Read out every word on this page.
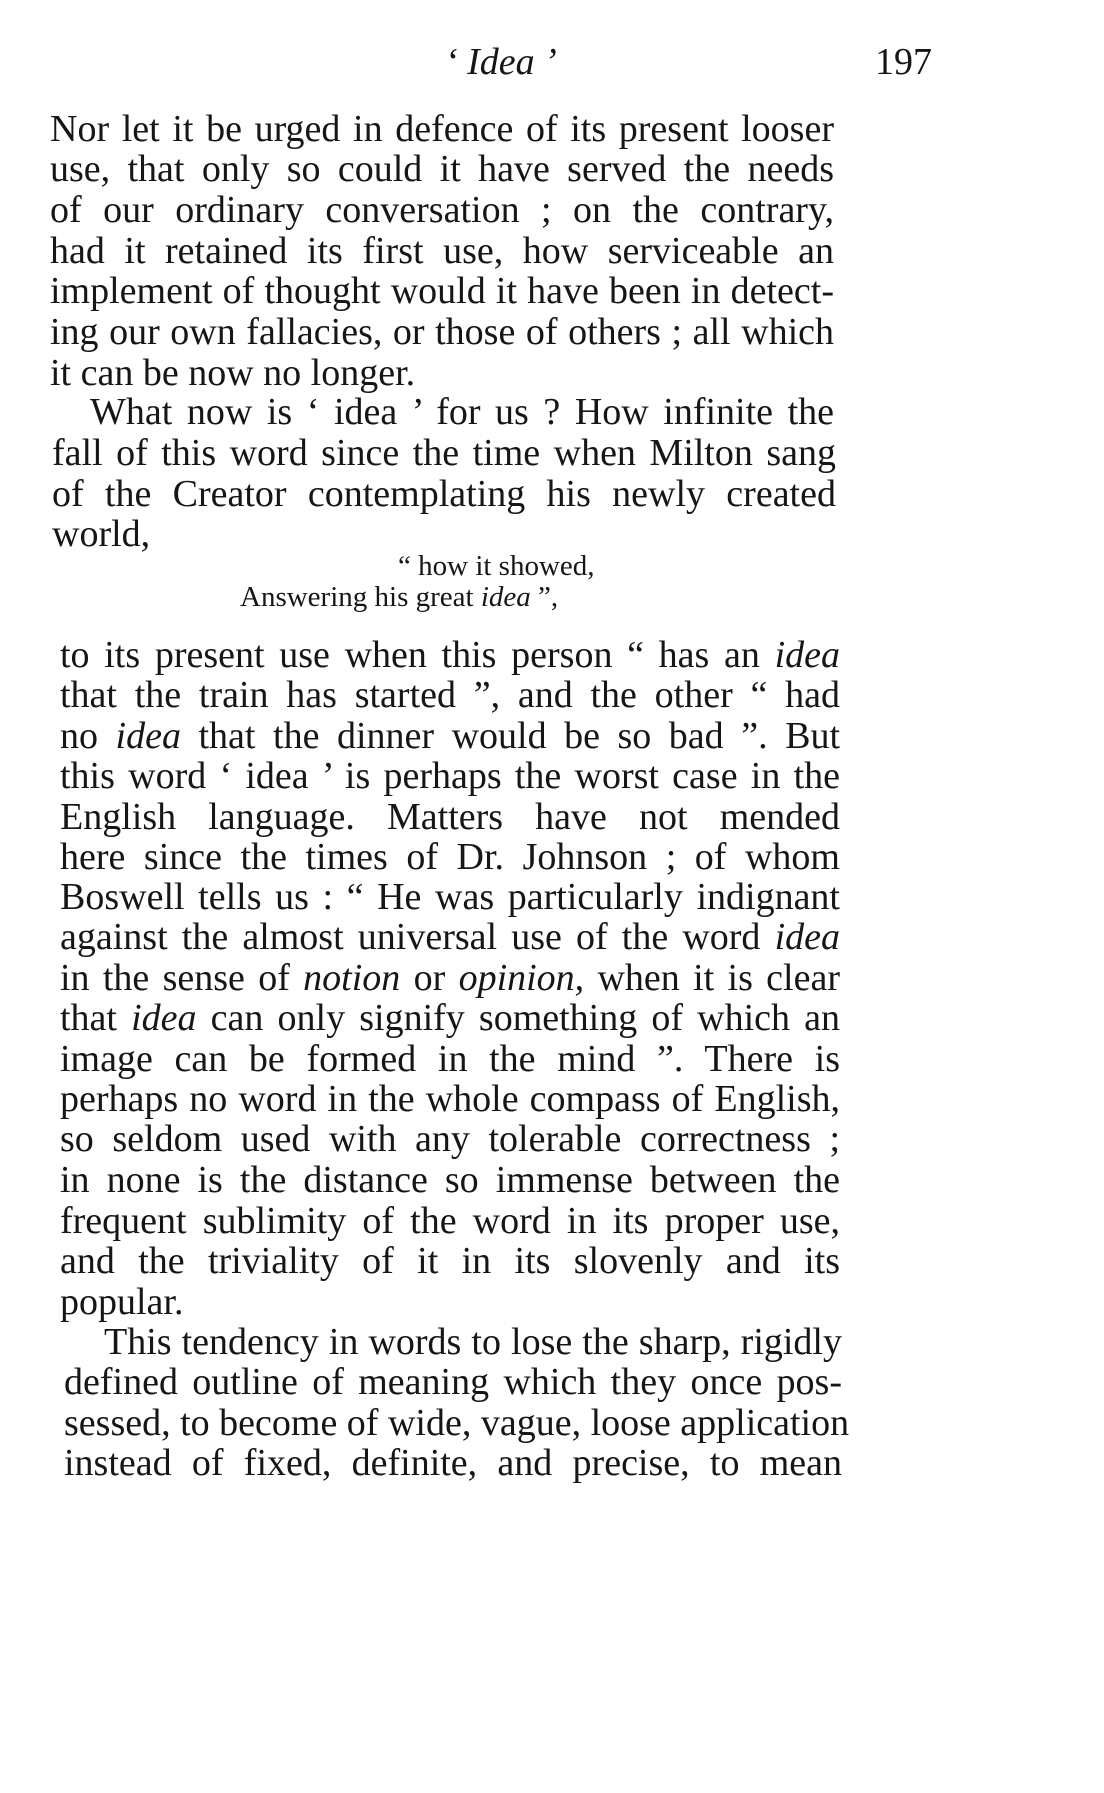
‘ Idea ’	197
Nor let it be urged in defence of its present looser
use, that only so could it have served the needs
of our ordinary conversation ; on the contrary,
had it retained its first use, how serviceable an
implement of thought would it have been in detect-
ing our own fallacies, or those of others ; all which
it can be now no longer.
What now is ‘ idea ’ for us ? How infinite the
fall of this word since the time when Milton sang
of the Creator contemplating his newly created
world,
“ how it showed,
Answering his great idea ”,
to its present use when this person “ has an idea
that the train has started ”, and the other “ had
no idea that the dinner would be so bad ”. But
this word ‘ idea ’ is perhaps the worst case in the
English language. Matters have not mended
here since the times of Dr. Johnson ; of whom
Boswell tells us : “ He was particularly indignant
against the almost universal use of the word idea
in the sense of notion or opinion, when it is clear
that idea can only signify something of which an
image can be formed in the mind ”. There is
perhaps no word in the whole compass of English,
so seldom used with any tolerable correctness ;
in none is the distance so immense between the
frequent sublimity of the word in its proper use,
and the triviality of it in its slovenly and its
popular.
This tendency in words to lose the sharp, rigidly
defined outline of meaning which they once pos-
sessed, to become of wide, vague, loose application
instead of fixed, definite, and precise, to mean
